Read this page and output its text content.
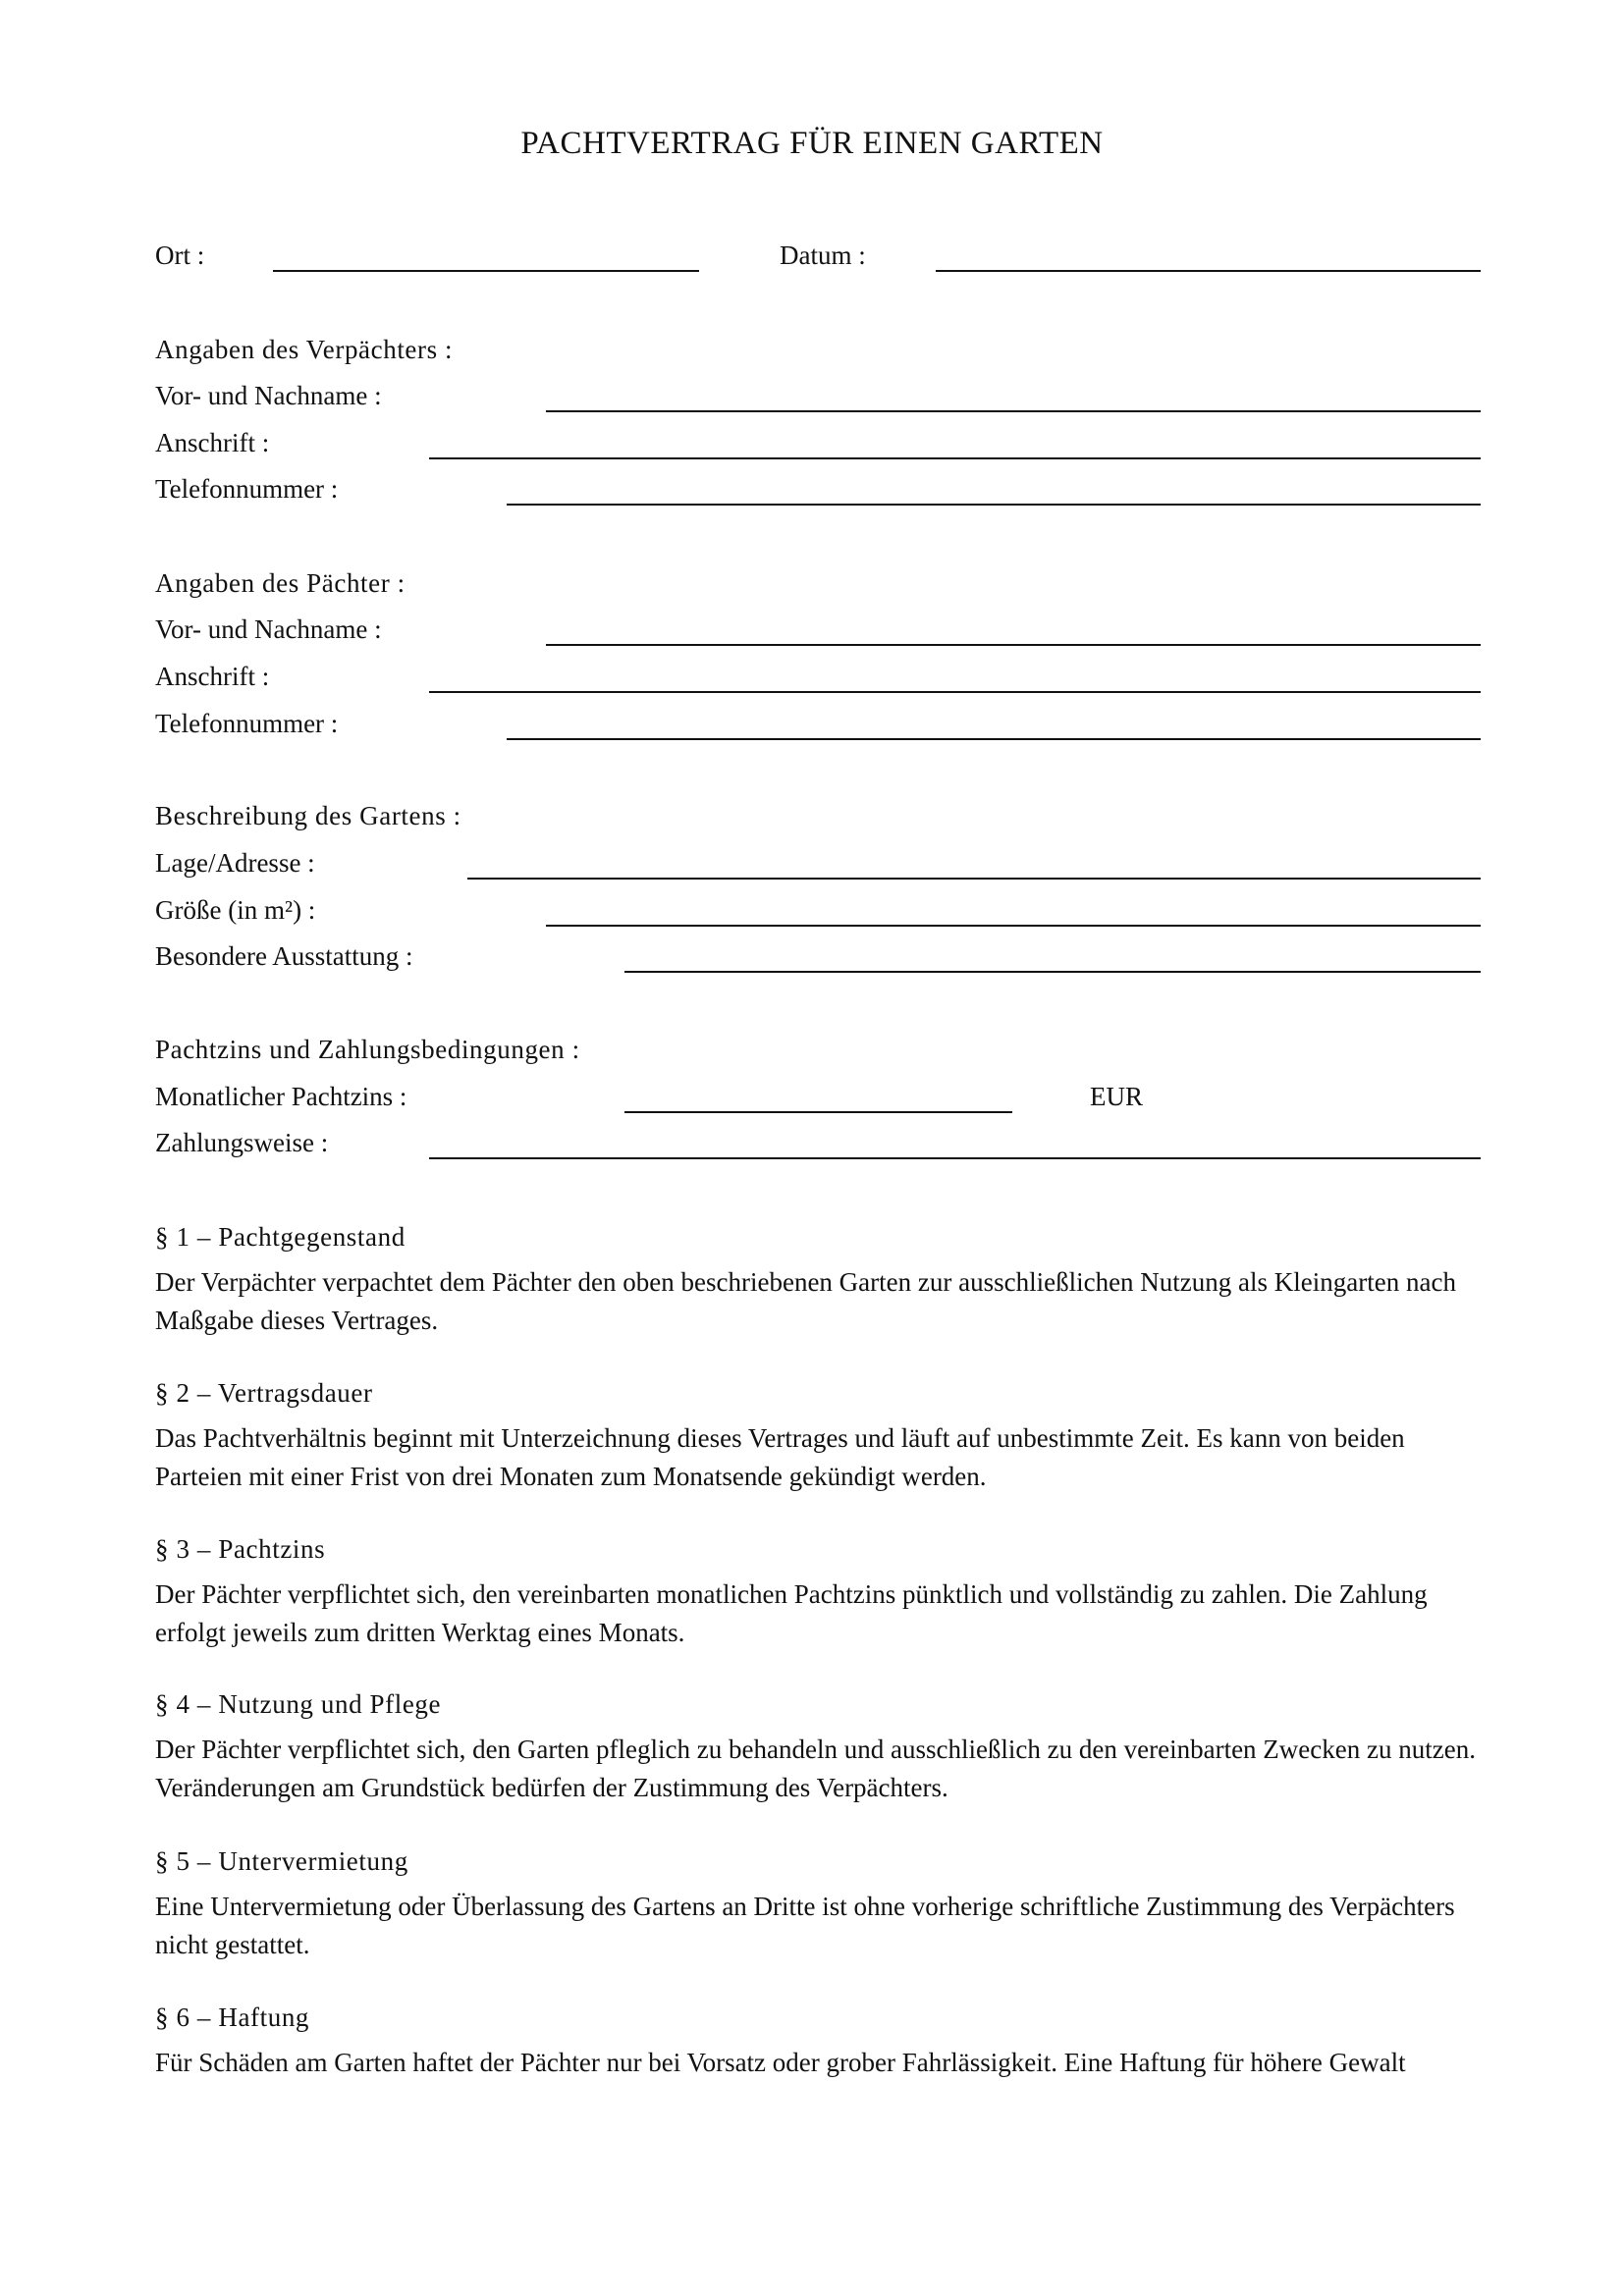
PACHTVERTRAG FÜR EINEN GARTEN
Ort :	Datum :
Angaben des Verpächters :
Vor- und Nachname :
Anschrift :
Telefonnummer :
Angaben des Pächter :
Vor- und Nachname :
Anschrift :
Telefonnummer :
Beschreibung des Gartens :
Lage/Adresse :
Größe (in m²) :
Besondere Ausstattung :
Pachtzins und Zahlungsbedingungen :
Monatlicher Pachtzins :	EUR
Zahlungsweise :
§ 1 – Pachtgegenstand
Der Verpächter verpachtet dem Pächter den oben beschriebenen Garten zur ausschließlichen Nutzung als Kleingarten nach Maßgabe dieses Vertrages.
§ 2 – Vertragsdauer
Das Pachtverhältnis beginnt mit Unterzeichnung dieses Vertrages und läuft auf unbestimmte Zeit. Es kann von beiden Parteien mit einer Frist von drei Monaten zum Monatsende gekündigt werden.
§ 3 – Pachtzins
Der Pächter verpflichtet sich, den vereinbarten monatlichen Pachtzins pünktlich und vollständig zu zahlen. Die Zahlung erfolgt jeweils zum dritten Werktag eines Monats.
§ 4 – Nutzung und Pflege
Der Pächter verpflichtet sich, den Garten pfleglich zu behandeln und ausschließlich zu den vereinbarten Zwecken zu nutzen. Veränderungen am Grundstück bedürfen der Zustimmung des Verpächters.
§ 5 – Untervermietung
Eine Untervermietung oder Überlassung des Gartens an Dritte ist ohne vorherige schriftliche Zustimmung des Verpächters nicht gestattet.
§ 6 – Haftung
Für Schäden am Garten haftet der Pächter nur bei Vorsatz oder grober Fahrlässigkeit. Eine Haftung für höhere Gewalt
